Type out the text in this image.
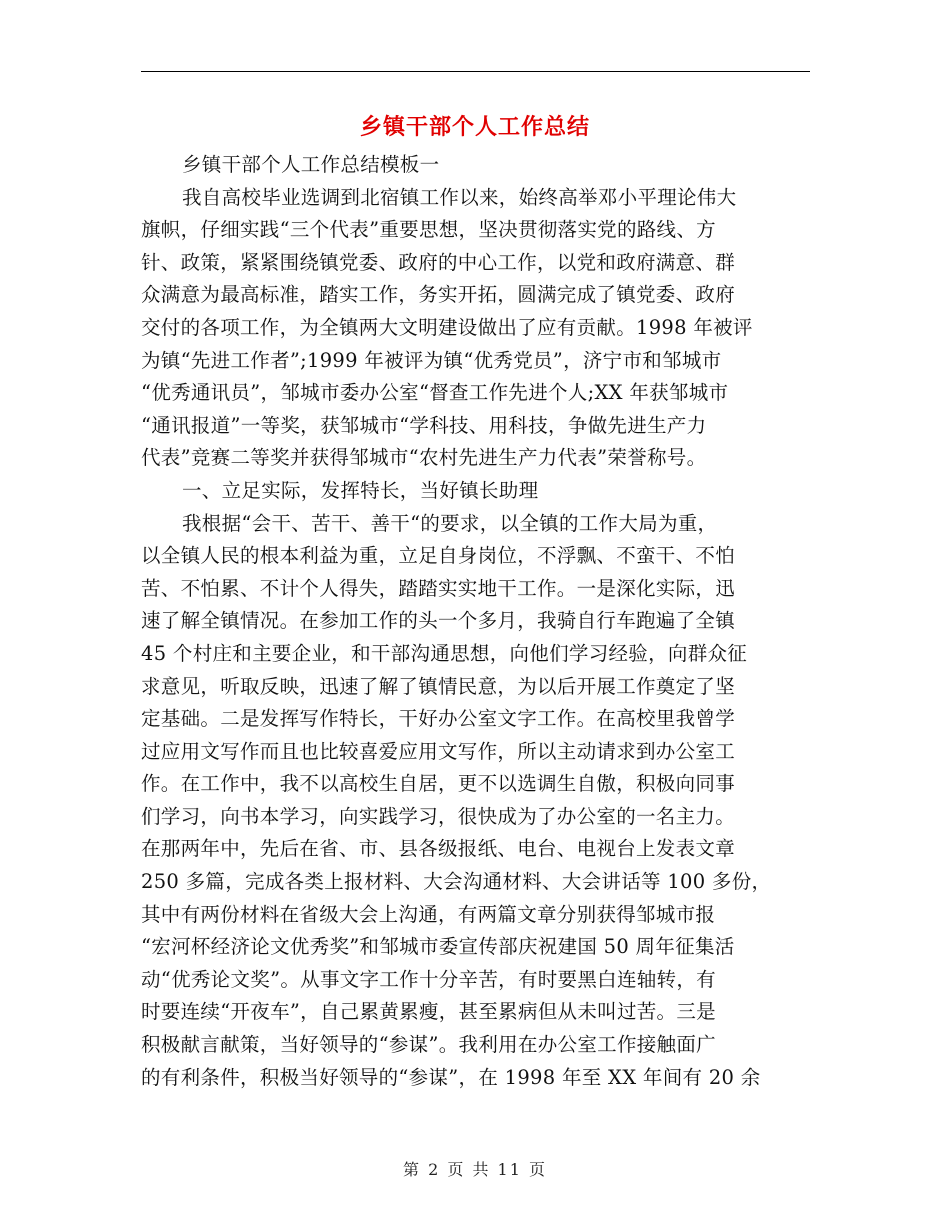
乡镇干部个人工作总结
乡镇干部个人工作总结模板一
我自高校毕业选调到北宿镇工作以来，始终高举邓小平理论伟大
旗帜，仔细实践“三个代表”重要思想，坚决贯彻落实党的路线、方
针、政策，紧紧围绕镇党委、政府的中心工作，以党和政府满意、群
众满意为最高标准，踏实工作，务实开拓，圆满完成了镇党委、政府
交付的各项工作，为全镇两大文明建设做出了应有贡献。1998 年被评
为镇“先进工作者”;1999 年被评为镇“优秀党员”，济宁市和邹城市
“优秀通讯员”，邹城市委办公室“督查工作先进个人;XX 年获邹城市
“通讯报道”一等奖，获邹城市“学科技、用科技，争做先进生产力
代表”竞赛二等奖并获得邹城市“农村先进生产力代表”荣誉称号。
一、立足实际，发挥特长，当好镇长助理
我根据“会干、苦干、善干“的要求，以全镇的工作大局为重，
以全镇人民的根本利益为重，立足自身岗位，不浮飘、不蛮干、不怕
苦、不怕累、不计个人得失，踏踏实实地干工作。一是深化实际，迅
速了解全镇情况。在参加工作的头一个多月，我骑自行车跑遍了全镇
45 个村庄和主要企业，和干部沟通思想，向他们学习经验，向群众征
求意见，听取反映，迅速了解了镇情民意，为以后开展工作奠定了坚
定基础。二是发挥写作特长，干好办公室文字工作。在高校里我曾学
过应用文写作而且也比较喜爱应用文写作，所以主动请求到办公室工
作。在工作中，我不以高校生自居，更不以选调生自傲，积极向同事
们学习，向书本学习，向实践学习，很快成为了办公室的一名主力。
在那两年中，先后在省、市、县各级报纸、电台、电视台上发表文章
250 多篇，完成各类上报材料、大会沟通材料、大会讲话等 100 多份，
其中有两份材料在省级大会上沟通，有两篇文章分别获得邹城市报
“宏河杯经济论文优秀奖”和邹城市委宣传部庆祝建国 50 周年征集活
动“优秀论文奖”。从事文字工作十分辛苦，有时要黑白连轴转，有
时要连续“开夜车”，自己累黄累瘦，甚至累病但从未叫过苦。三是
积极献言献策，当好领导的“参谋”。我利用在办公室工作接触面广
的有利条件，积极当好领导的“参谋”，在 1998 年至 XX 年间有 20 余
第 2 页 共 11 页
